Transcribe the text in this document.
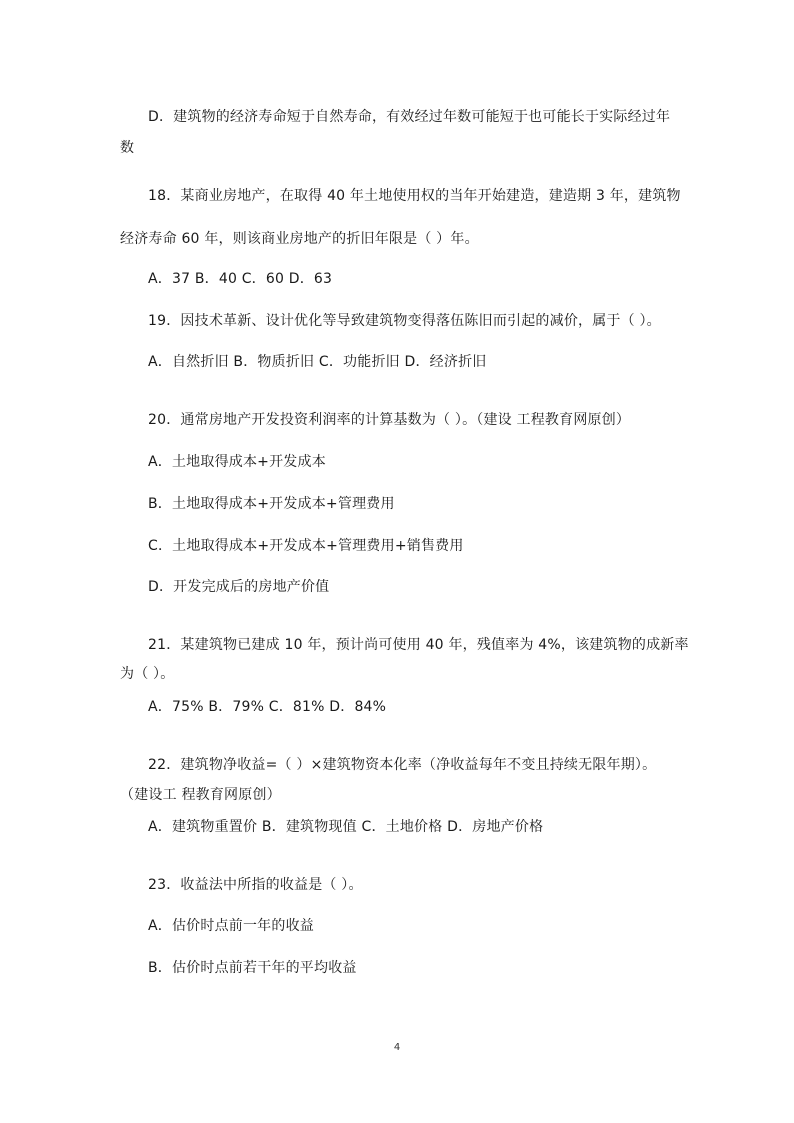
D．建筑物的经济寿命短于自然寿命，有效经过年数可能短于也可能长于实际经过年
数
18．某商业房地产，在取得 40 年土地使用权的当年开始建造，建造期 3 年，建筑物
经济寿命 60 年，则该商业房地产的折旧年限是（ ）年。
A．37 B．40 C．60 D．63
19．因技术革新、设计优化等导致建筑物变得落伍陈旧而引起的减价，属于（ ）。
A．自然折旧 B．物质折旧 C．功能折旧 D．经济折旧
20．通常房地产开发投资利润率的计算基数为（ ）。（建设 工程教育网原创）
A．土地取得成本+开发成本
B．土地取得成本+开发成本+管理费用
C．土地取得成本+开发成本+管理费用+销售费用
D．开发完成后的房地产价值
21．某建筑物已建成 10 年，预计尚可使用 40 年，残值率为 4%，该建筑物的成新率
为（ ）。
A．75% B．79% C．81% D．84%
22．建筑物净收益=（ ）×建筑物资本化率（净收益每年不变且持续无限年期）。
（建设工 程教育网原创）
A．建筑物重置价 B．建筑物现值 C．土地价格 D．房地产价格
23．收益法中所指的收益是（ ）。
A．估价时点前一年的收益
B．估价时点前若干年的平均收益
4
